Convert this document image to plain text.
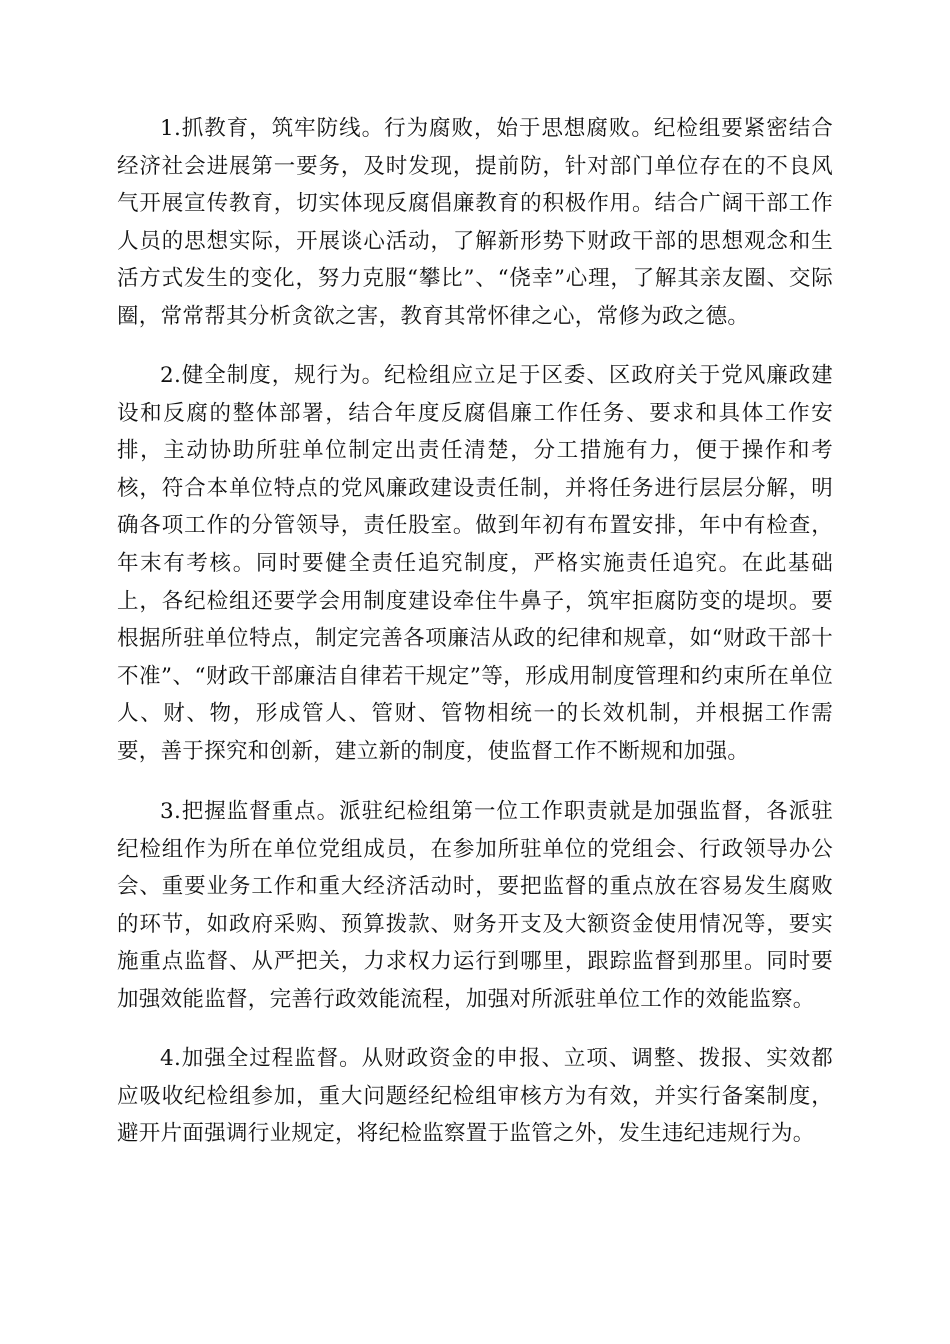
1.抓教育，筑牢防线。行为腐败，始于思想腐败。纪检组要紧密结合经济社会进展第一要务，及时发现，提前防，针对部门单位存在的不良风气开展宣传教育，切实体现反腐倡廉教育的积极作用。结合广阔干部工作人员的思想实际，开展谈心活动，了解新形势下财政干部的思想观念和生活方式发生的变化，努力克服“攀比”、“侥幸”心理，了解其亲友圈、交际圈，常常帮其分析贪欲之害，教育其常怀律之心，常修为政之德。

2.健全制度，规行为。纪检组应立足于区委、区政府关于党风廉政建设和反腐的整体部署，结合年度反腐倡廉工作任务、要求和具体工作安排，主动协助所驻单位制定出责任清楚，分工措施有力，便于操作和考核，符合本单位特点的党风廉政建设责任制，并将任务进行层层分解，明确各项工作的分管领导，责任股室。做到年初有布置安排，年中有检查，年末有考核。同时要健全责任追究制度，严格实施责任追究。在此基础上，各纪检组还要学会用制度建设牵住牛鼻子，筑牢拒腐防变的堤坝。要根据所驻单位特点，制定完善各项廉洁从政的纪律和规章，如“财政干部十不准”、“财政干部廉洁自律若干规定”等，形成用制度管理和约束所在单位人、财、物，形成管人、管财、管物相统一的长效机制，并根据工作需要，善于探究和创新，建立新的制度，使监督工作不断规和加强。

3.把握监督重点。派驻纪检组第一位工作职责就是加强监督，各派驻纪检组作为所在单位党组成员，在参加所驻单位的党组会、行政领导办公会、重要业务工作和重大经济活动时，要把监督的重点放在容易发生腐败的环节，如政府采购、预算拨款、财务开支及大额资金使用情况等，要实施重点监督、从严把关，力求权力运行到哪里，跟踪监督到那里。同时要加强效能监督，完善行政效能流程，加强对所派驻单位工作的效能监察。

4.加强全过程监督。从财政资金的申报、立项、调整、拨报、实效都应吸收纪检组参加，重大问题经纪检组审核方为有效，并实行备案制度，避开片面强调行业规定，将纪检监察置于监管之外，发生违纪违规行为。
